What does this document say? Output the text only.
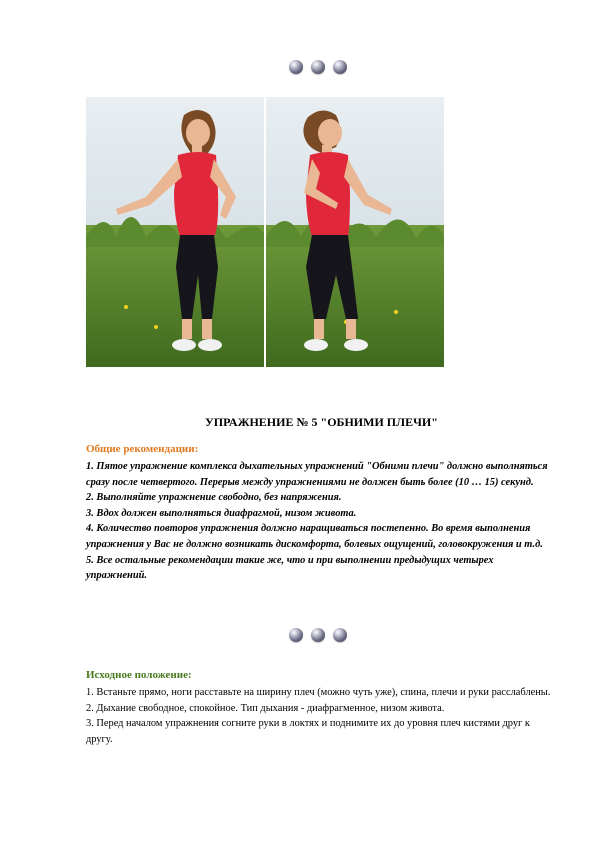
УПРАЖНЕНИЕ № 5 "ОБНИМИ ПЛЕЧИ"
Общие рекомендации:

1. Пятое упражнение комплекса дыхательных упражнений "Обними плечи" должно выполняться сразу после четвертого. Перерыв между упражнениями не должен быть более (10 … 15) секунд.

2. Выполняйте упражнение свободно, без напряжения.

3. Вдох должен выполняться диафрагмой, низом живота.

4. Количество повторов упражнения должно наращиваться постепенно. Во время выполнения упражнения у Вас не должно возникать дискомфорта, болевых ощущений, головокружения и т.д.

5. Все остальные рекомендации такие же, что и при выполнении предыдущих четырех упражнений.

Исходное положение:

1. Встаньте прямо, ноги расставьте на ширину плеч (можно чуть уже), спина, плечи и руки расслаблены.

2. Дыхание свободное, спокойное. Тип дыхания - диафрагменное, низом живота.

3. Перед началом упражнения согните руки в локтях и поднимите их до уровня плеч кистями друг к другу.
